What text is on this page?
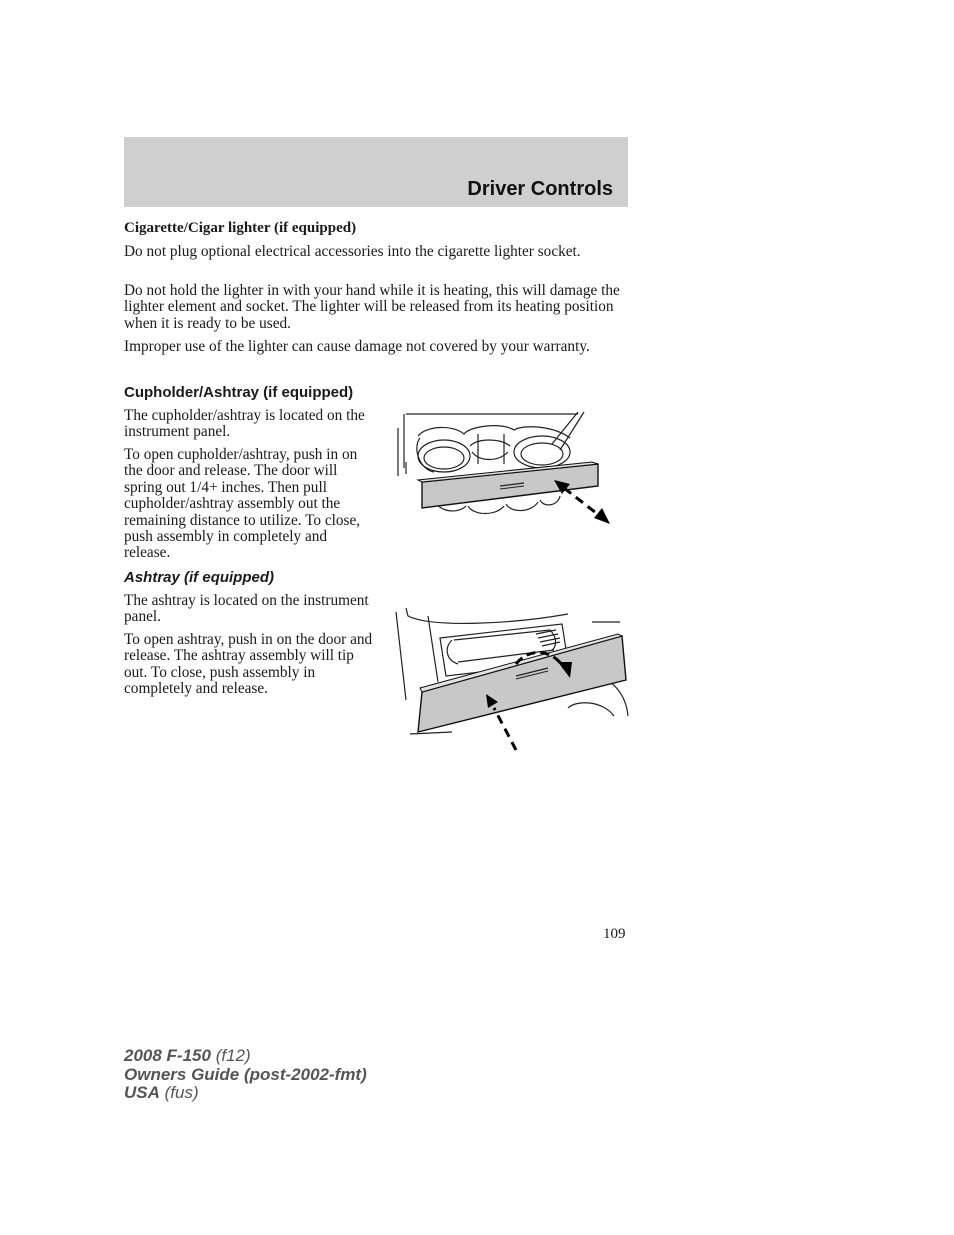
Driver Controls
Cigarette/Cigar lighter (if equipped)

Do not plug optional electrical accessories into the cigarette lighter socket.

Do not hold the lighter in with your hand while it is heating, this will damage the lighter element and socket. The lighter will be released from its heating position when it is ready to be used.

Improper use of the lighter can cause damage not covered by your warranty.

Cupholder/Ashtray (if equipped)

The cupholder/ashtray is located on the instrument panel.

To open cupholder/ashtray, push in on the door and release. The door will spring out 1/4+ inches. Then pull cupholder/ashtray assembly out the remaining distance to utilize. To close, push assembly in completely and release.

Ashtray (if equipped)

The ashtray is located on the instrument panel.

To open ashtray, push in on the door and release. The ashtray assembly will tip out. To close, push assembly in completely and release.

109
2008 F-150 (f12)
Owners Guide (post-2002-fmt)
USA (fus)
